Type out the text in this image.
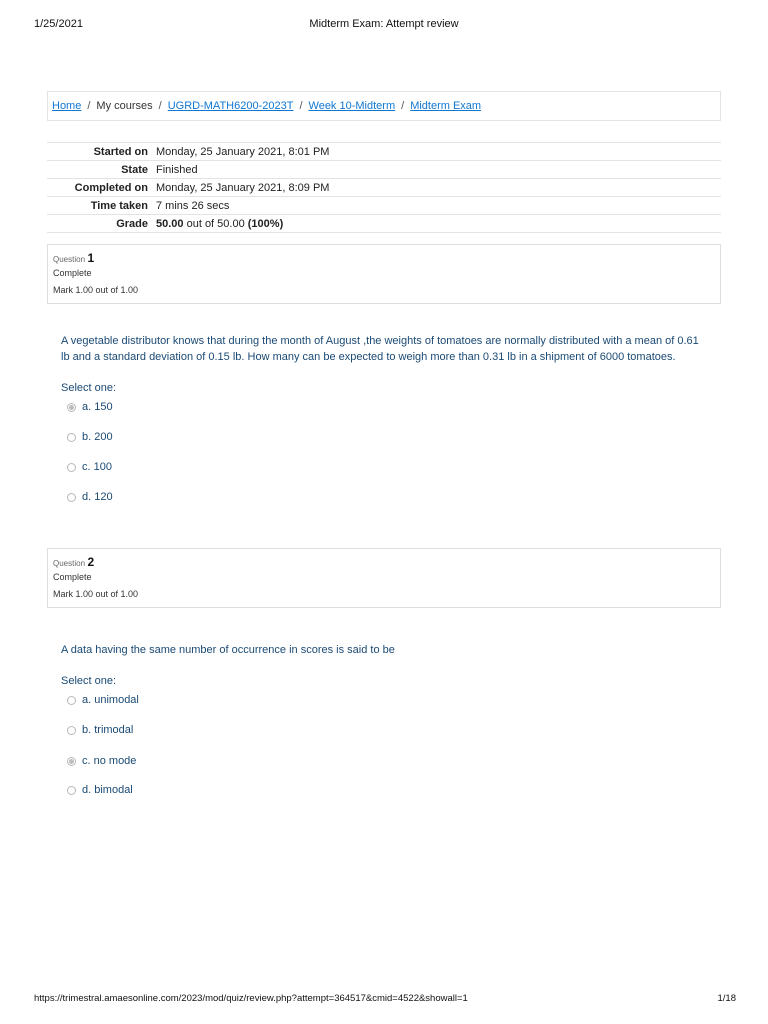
1/25/2021	Midterm Exam: Attempt review
Home / My courses / UGRD-MATH6200-2023T / Week 10-Midterm / Midterm Exam
Started on	Monday, 25 January 2021, 8:01 PM
State	Finished
Completed on	Monday, 25 January 2021, 8:09 PM
Time taken	7 mins 26 secs
Grade	50.00 out of 50.00 (100%)
Question 1
Complete
Mark 1.00 out of 1.00
A vegetable distributor knows that during the month of August ,the weights of tomatoes are normally distributed with a mean of 0.61 lb and a standard deviation of 0.15 lb. How many can be expected to weigh more than 0.31 lb in a shipment of 6000 tomatoes.
Select one:
a. 150
b. 200
c. 100
d. 120
Question 2
Complete
Mark 1.00 out of 1.00
A data having the same number of occurrence in scores is said to be
Select one:
a. unimodal
b. trimodal
c. no mode
d. bimodal
https://trimestral.amaesonline.com/2023/mod/quiz/review.php?attempt=364517&cmid=4522&showall=1	1/18
